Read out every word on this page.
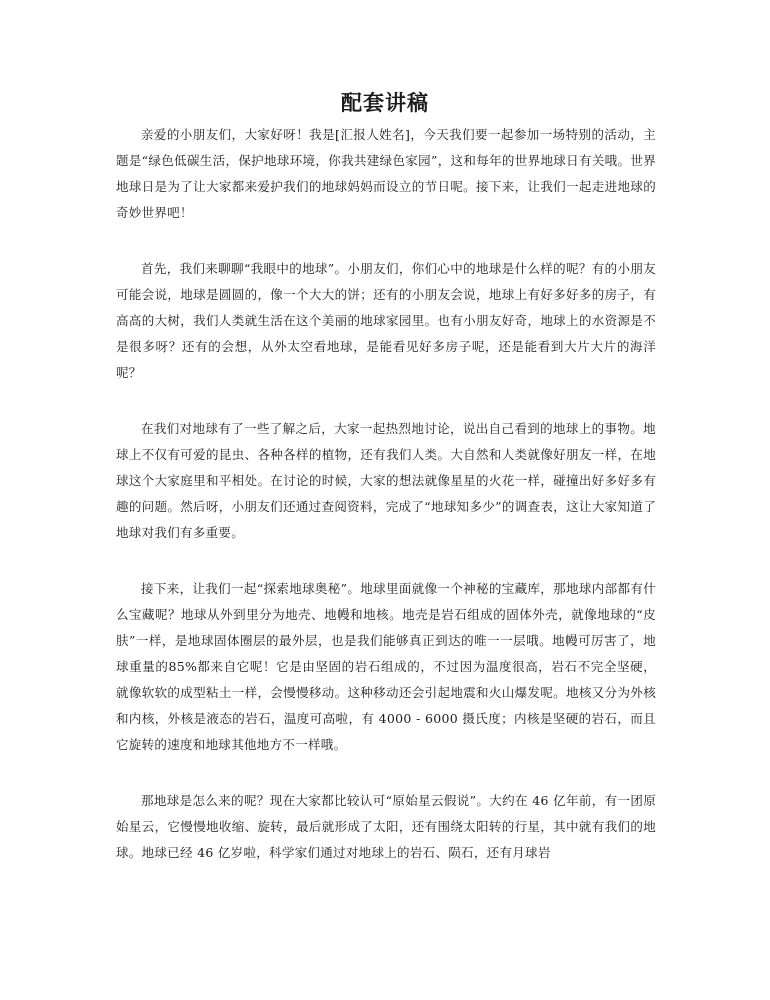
配套讲稿

亲爱的小朋友们，大家好呀！我是[汇报人姓名]，今天我们要一起参加一场特别的活动，主题是“绿色低碳生活，保护地球环境，你我共建绿色家园”，这和每年的世界地球日有关哦。世界地球日是为了让大家都来爱护我们的地球妈妈而设立的节日呢。接下来，让我们一起走进地球的奇妙世界吧！

首先，我们来聊聊“我眼中的地球”。小朋友们，你们心中的地球是什么样的呢？有的小朋友可能会说，地球是圆圆的，像一个大大的饼；还有的小朋友会说，地球上有好多好多的房子，有高高的大树，我们人类就生活在这个美丽的地球家园里。也有小朋友好奇，地球上的水资源是不是很多呀？还有的会想，从外太空看地球，是能看见好多房子呢，还是能看到大片大片的海洋呢？

在我们对地球有了一些了解之后，大家一起热烈地讨论，说出自己看到的地球上的事物。地球上不仅有可爱的昆虫、各种各样的植物，还有我们人类。大自然和人类就像好朋友一样，在地球这个大家庭里和平相处。在讨论的时候，大家的想法就像星星的火花一样，碰撞出好多好多有趣的问题。然后呀，小朋友们还通过查阅资料，完成了“地球知多少”的调查表，这让大家知道了地球对我们有多重要。

接下来，让我们一起“探索地球奥秘”。地球里面就像一个神秘的宝藏库，那地球内部都有什么宝藏呢？地球从外到里分为地壳、地幔和地核。地壳是岩石组成的固体外壳，就像地球的“皮肤”一样，是地球固体圈层的最外层，也是我们能够真正到达的唯一一层哦。地幔可厉害了，地球重量的85%都来自它呢！它是由坚固的岩石组成的，不过因为温度很高，岩石不完全坚硬，就像软软的成型粘土一样，会慢慢移动。这种移动还会引起地震和火山爆发呢。地核又分为外核和内核，外核是液态的岩石，温度可高啦，有 4000 - 6000 摄氏度；内核是坚硬的岩石，而且它旋转的速度和地球其他地方不一样哦。

那地球是怎么来的呢？现在大家都比较认可“原始星云假说”。大约在 46 亿年前，有一团原始星云，它慢慢地收缩、旋转，最后就形成了太阳，还有围绕太阳转的行星，其中就有我们的地球。地球已经 46 亿岁啦，科学家们通过对地球上的岩石、陨石，还有月球岩
